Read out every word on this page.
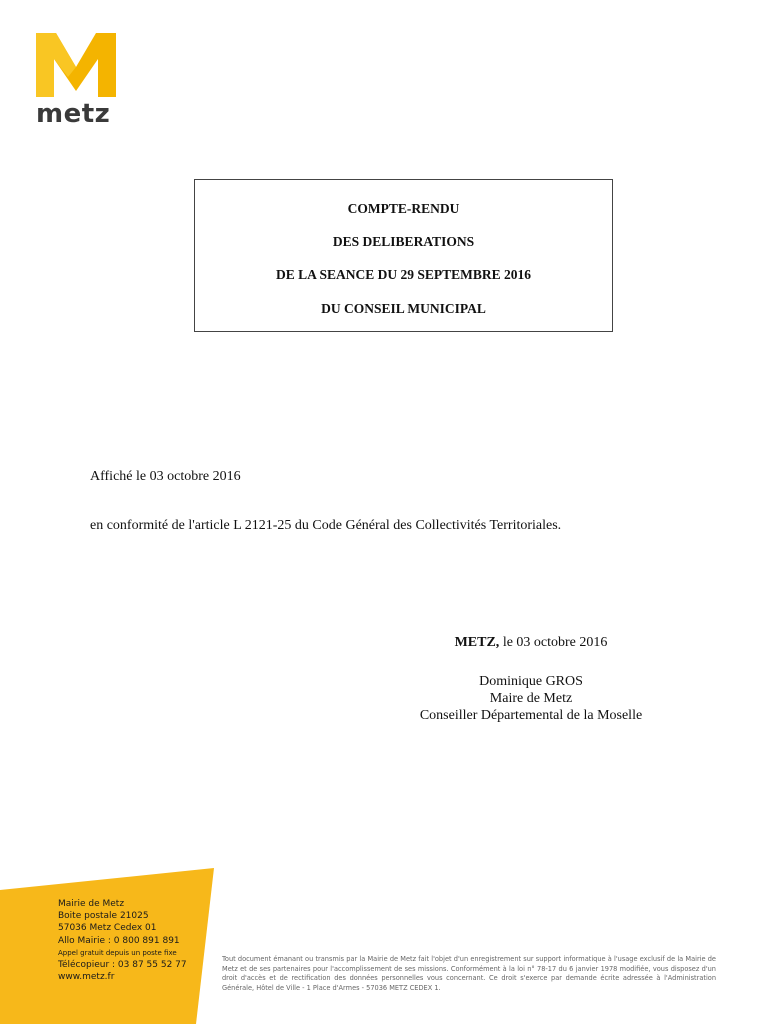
metz
COMPTE-RENDU
DES DELIBERATIONS
DE LA SEANCE DU 29 SEPTEMBRE 2016
DU CONSEIL MUNICIPAL
Affiché le 03 octobre 2016
en conformité de l'article L 2121-25 du Code Général des Collectivités Territoriales.
METZ, le 03 octobre 2016
Dominique GROS
Maire de Metz
Conseiller Départemental de la Moselle
Mairie de Metz
Boite postale 21025
57036 Metz Cedex 01
Allo Mairie : 0 800 891 891
Appel gratuit depuis un poste fixe
Télécopieur : 03 87 55 52 77
www.metz.fr
Tout document émanant ou transmis par la Mairie de Metz fait l'objet d'un enregistrement sur support informatique à l'usage exclusif de la Mairie de Metz et de ses partenaires pour l'accomplissement de ses missions. Conformément à la loi n° 78-17 du 6 janvier 1978 modifiée, vous disposez d'un droit d'accès et de rectification des données personnelles vous concernant. Ce droit s'exerce par demande écrite adressée à l'Administration Générale, Hôtel de Ville - 1 Place d'Armes - 57036 METZ CEDEX 1.
